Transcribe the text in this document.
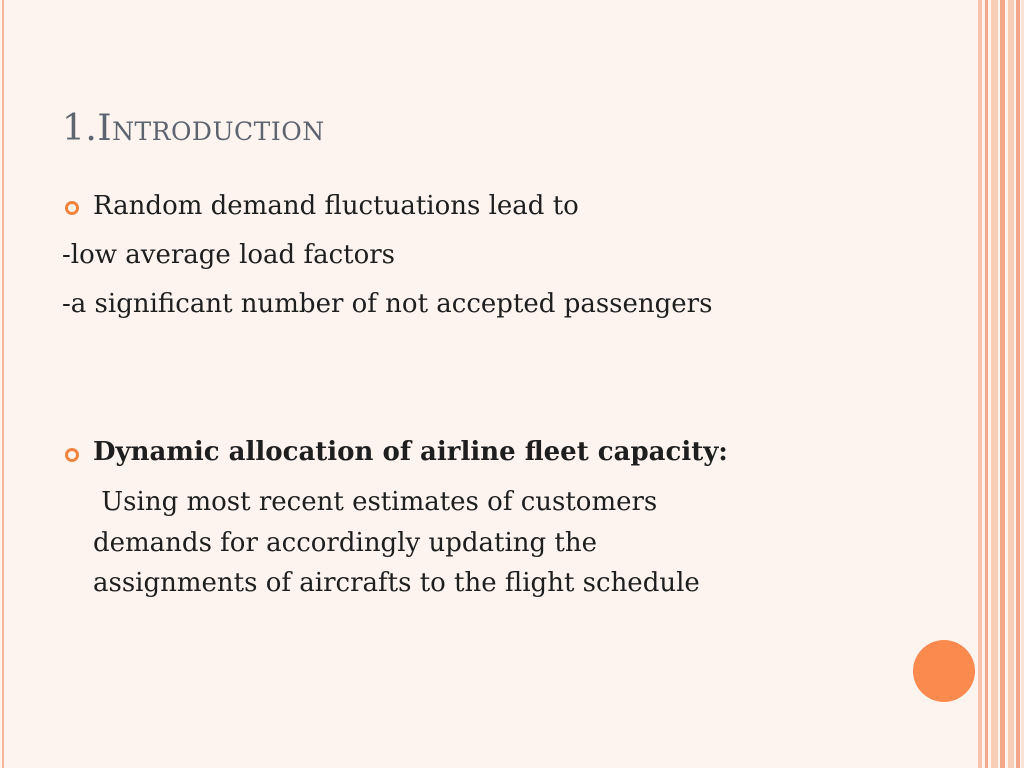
1.Introduction
Random demand fluctuations lead to
-low average load factors
-a significant number of not accepted passengers
Dynamic allocation of airline fleet capacity:
Using most recent estimates of customers
demands for accordingly updating the
assignments of aircrafts to the flight schedule
